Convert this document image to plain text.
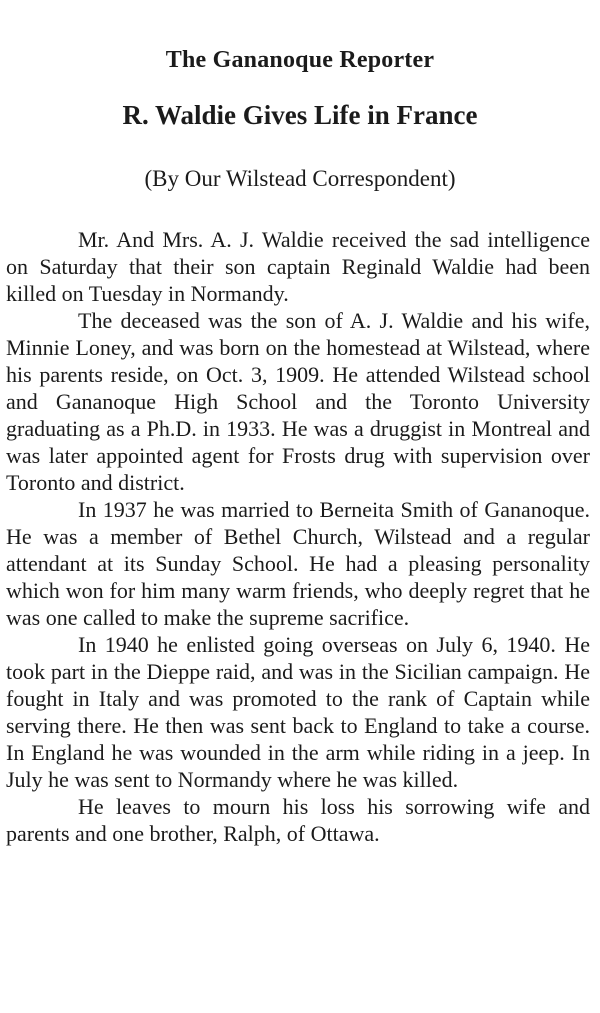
The Gananoque Reporter
R. Waldie Gives Life in France
(By Our Wilstead Correspondent)

Mr. And Mrs. A. J. Waldie received the sad intelligence on Saturday that their son captain Reginald Waldie had been killed on Tuesday in Normandy.

The deceased was the son of A. J. Waldie and his wife, Minnie Loney, and was born on the homestead at Wilstead, where his parents reside, on Oct. 3, 1909. He attended Wilstead school and Gananoque High School and the Toronto University graduating as a Ph.D. in 1933. He was a druggist in Montreal and was later appointed agent for Frosts drug with supervision over Toronto and district.

In 1937 he was married to Berneita Smith of Gananoque. He was a member of Bethel Church, Wilstead and a regular attendant at its Sunday School. He had a pleasing personality which won for him many warm friends, who deeply regret that he was one called to make the supreme sacrifice.

In 1940 he enlisted going overseas on July 6, 1940. He took part in the Dieppe raid, and was in the Sicilian campaign. He fought in Italy and was promoted to the rank of Captain while serving there. He then was sent back to England to take a course. In England he was wounded in the arm while riding in a jeep. In July he was sent to Normandy where he was killed.

He leaves to mourn his loss his sorrowing wife and parents and one brother, Ralph, of Ottawa.
